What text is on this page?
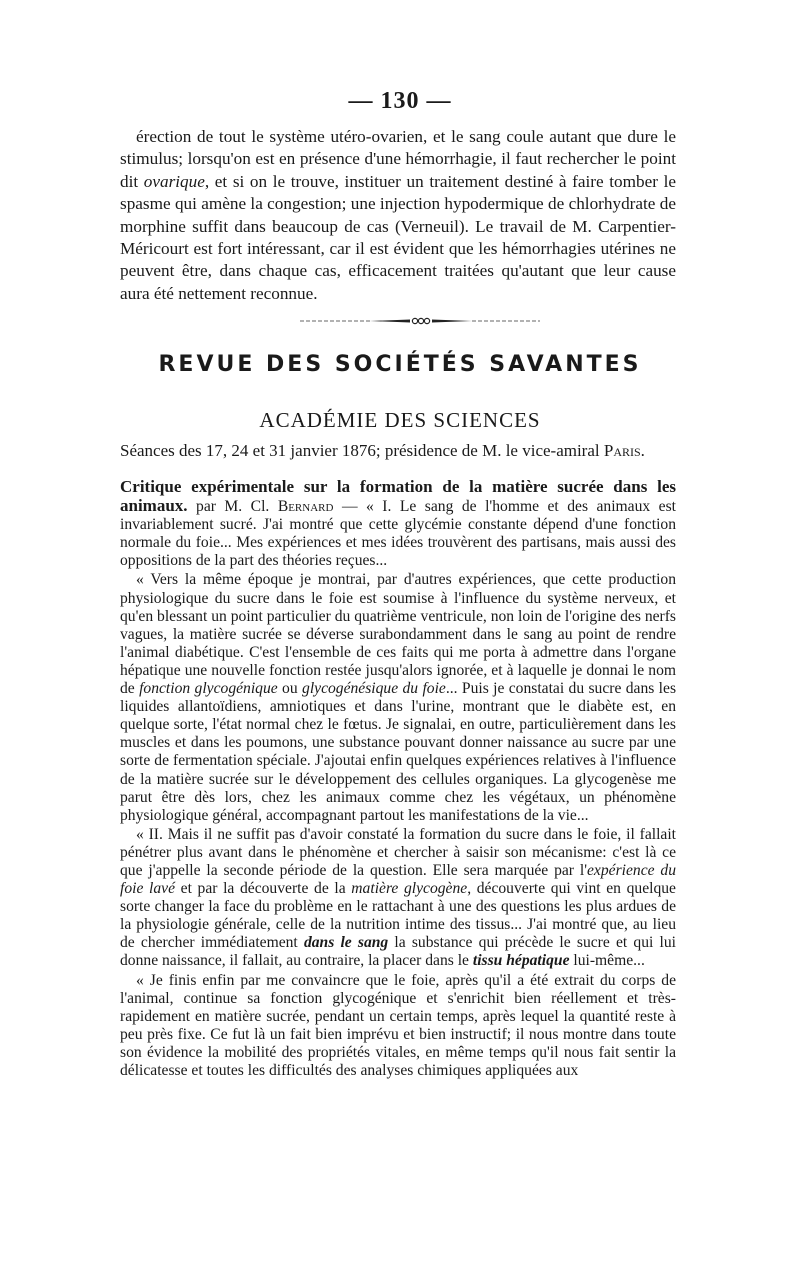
— 130 —

érection de tout le système utéro-ovarien, et le sang coule autant que dure le stimulus; lorsqu'on est en présence d'une hémorrhagie, il faut rechercher le point dit ovarique, et si on le trouve, instituer un traitement destiné à faire tomber le spasme qui amène la congestion; une injection hypodermique de chlorhydrate de morphine suffit dans beaucoup de cas (Verneuil). Le travail de M. Carpentier-Méricourt est fort intéressant, car il est évident que les hémorrhagies utérines ne peuvent être, dans chaque cas, efficacement traitées qu'autant que leur cause aura été nettement reconnue.

REVUE DES SOCIÉTÉS SAVANTES
ACADÉMIE DES SCIENCES
Séances des 17, 24 et 31 janvier 1876; présidence de M. le vice-amiral Paris.

Critique expérimentale sur la formation de la matière sucrée dans les animaux. par M. Cl. Bernard — « I. Le sang de l'homme et des animaux est invariablement sucré. J'ai montré que cette glycémie constante dépend d'une fonction normale du foie... Mes expériences et mes idées trouvèrent des partisans, mais aussi des oppositions de la part des théories reçues...

« Vers la même époque je montrai, par d'autres expériences, que cette production physiologique du sucre dans le foie est soumise à l'influence du système nerveux, et qu'en blessant un point particulier du quatrième ventricule, non loin de l'origine des nerfs vagues, la matière sucrée se déverse surabondamment dans le sang au point de rendre l'animal diabétique. C'est l'ensemble de ces faits qui me porta à admettre dans l'organe hépatique une nouvelle fonction restée jusqu'alors ignorée, et à laquelle je donnai le nom de fonction glycogénique ou glycogénésique du foie... Puis je constatai du sucre dans les liquides allantoïdiens, amniotiques et dans l'urine, montrant que le diabète est, en quelque sorte, l'état normal chez le fœtus. Je signalai, en outre, particulièrement dans les muscles et dans les poumons, une substance pouvant donner naissance au sucre par une sorte de fermentation spéciale. J'ajoutai enfin quelques expériences relatives à l'influence de la matière sucrée sur le développement des cellules organiques. La glycogenèse me parut être dès lors, chez les animaux comme chez les végétaux, un phénomène physiologique général, accompagnant partout les manifestations de la vie...

« II. Mais il ne suffit pas d'avoir constaté la formation du sucre dans le foie, il fallait pénétrer plus avant dans le phénomène et chercher à saisir son mécanisme: c'est là ce que j'appelle la seconde période de la question. Elle sera marquée par l'expérience du foie lavé et par la découverte de la matière glycogène, découverte qui vint en quelque sorte changer la face du problème en le rattachant à une des questions les plus ardues de la physiologie générale, celle de la nutrition intime des tissus... J'ai montré que, au lieu de chercher immédiatement dans le sang la substance qui précède le sucre et qui lui donne naissance, il fallait, au contraire, la placer dans le tissu hépatique lui-même...

« Je finis enfin par me convaincre que le foie, après qu'il a été extrait du corps de l'animal, continue sa fonction glycogénique et s'enrichit bien réellement et très-rapidement en matière sucrée, pendant un certain temps, après lequel la quantité reste à peu près fixe. Ce fut là un fait bien imprévu et bien instructif; il nous montre dans toute son évidence la mobilité des propriétés vitales, en même temps qu'il nous fait sentir la délicatesse et toutes les difficultés des analyses chimiques appliquées aux
